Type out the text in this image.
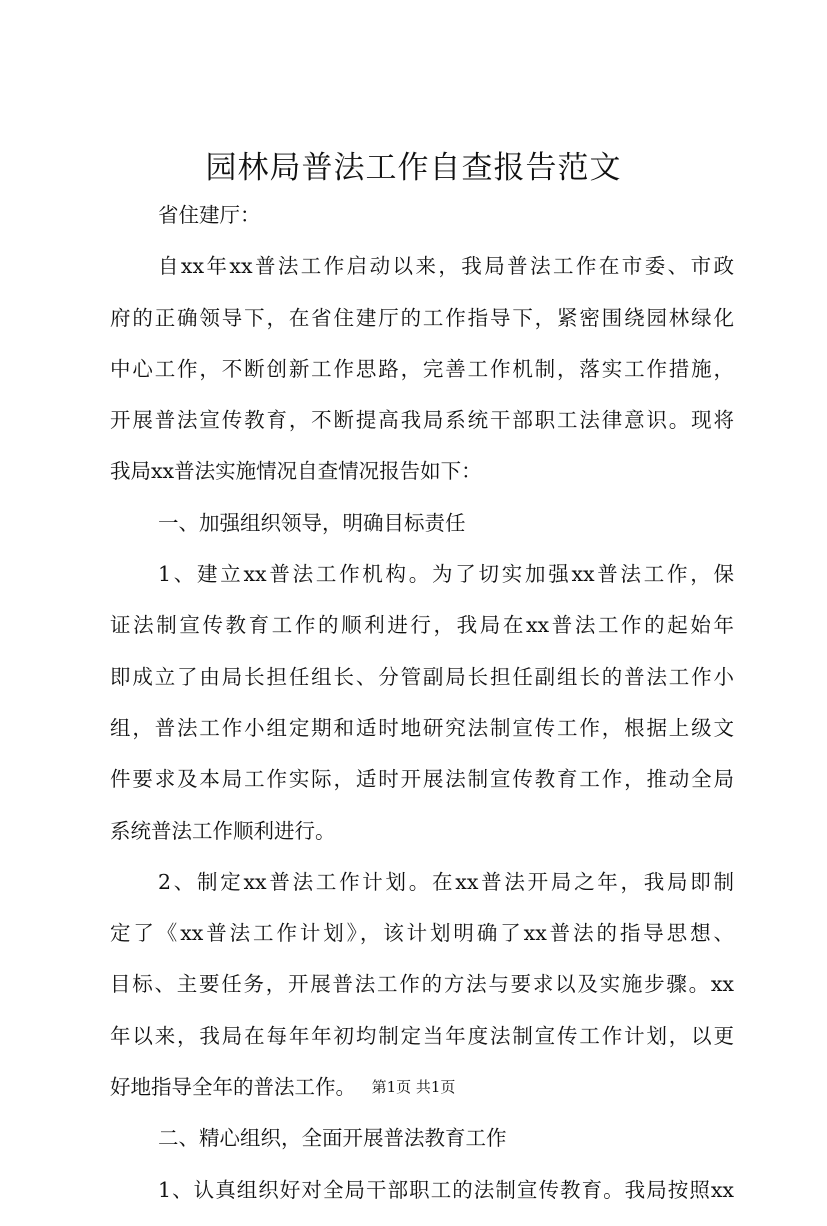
园林局普法工作自查报告范文
省住建厅：
自xx年xx普法工作启动以来，我局普法工作在市委、市政
府的正确领导下，在省住建厅的工作指导下，紧密围绕园林绿化
中心工作，不断创新工作思路，完善工作机制，落实工作措施，
开展普法宣传教育，不断提高我局系统干部职工法律意识。现将
我局xx普法实施情况自查情况报告如下：
一、加强组织领导，明确目标责任
1、建立xx普法工作机构。为了切实加强xx普法工作，保
证法制宣传教育工作的顺利进行，我局在xx普法工作的起始年
即成立了由局长担任组长、分管副局长担任副组长的普法工作小
组，普法工作小组定期和适时地研究法制宣传工作，根据上级文
件要求及本局工作实际，适时开展法制宣传教育工作，推动全局
系统普法工作顺利进行。
2、制定xx普法工作计划。在xx普法开局之年，我局即制
定了《xx普法工作计划》，该计划明确了xx普法的指导思想、
目标、主要任务，开展普法工作的方法与要求以及实施步骤。xx
年以来，我局在每年年初均制定当年度法制宣传工作计划，以更
好地指导全年的普法工作。
二、精心组织，全面开展普法教育工作
1、认真组织好对全局干部职工的法制宣传教育。我局按照xx
第1页 共1页
